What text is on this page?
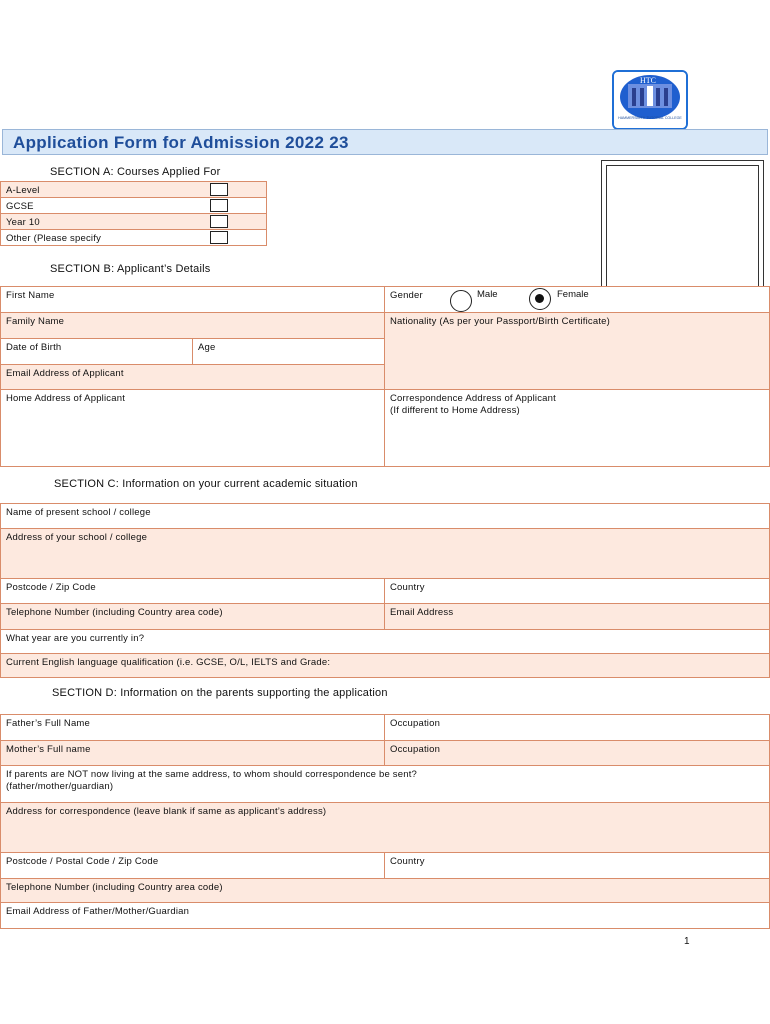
HTC
HAMMERSMITH TUTORIAL COLLEGE
Application Form for Admission 2022 23
SECTION A: Courses Applied For
A-Level
GCSE
Year 10
Other (Please specify
SECTION B: Applicant’s Details
First Name	Gender	Male	Female
Family Name	Nationality (As per your Passport/Birth Certificate)
Date of Birth	Age
Email Address of Applicant
Home Address of Applicant	Correspondence Address of Applicant
(If different to Home Address)
SECTION C: Information on your current academic situation
Name of present school / college
Address of your school / college
Postcode / Zip Code	Country
Telephone Number (including Country area code)	Email Address
What year are you currently in?
Current English language qualification (i.e. GCSE, O/L, IELTS and Grade:
SECTION D: Information on the parents supporting the application
Father’s Full Name	Occupation
Mother’s Full name	Occupation
If parents are NOT now living at the same address, to whom should correspondence be sent?
(father/mother/guardian)
Address for correspondence (leave blank if same as applicant’s address)
Postcode / Postal Code / Zip Code	Country
Telephone Number (including Country area code)
Email Address of Father/Mother/Guardian
1
